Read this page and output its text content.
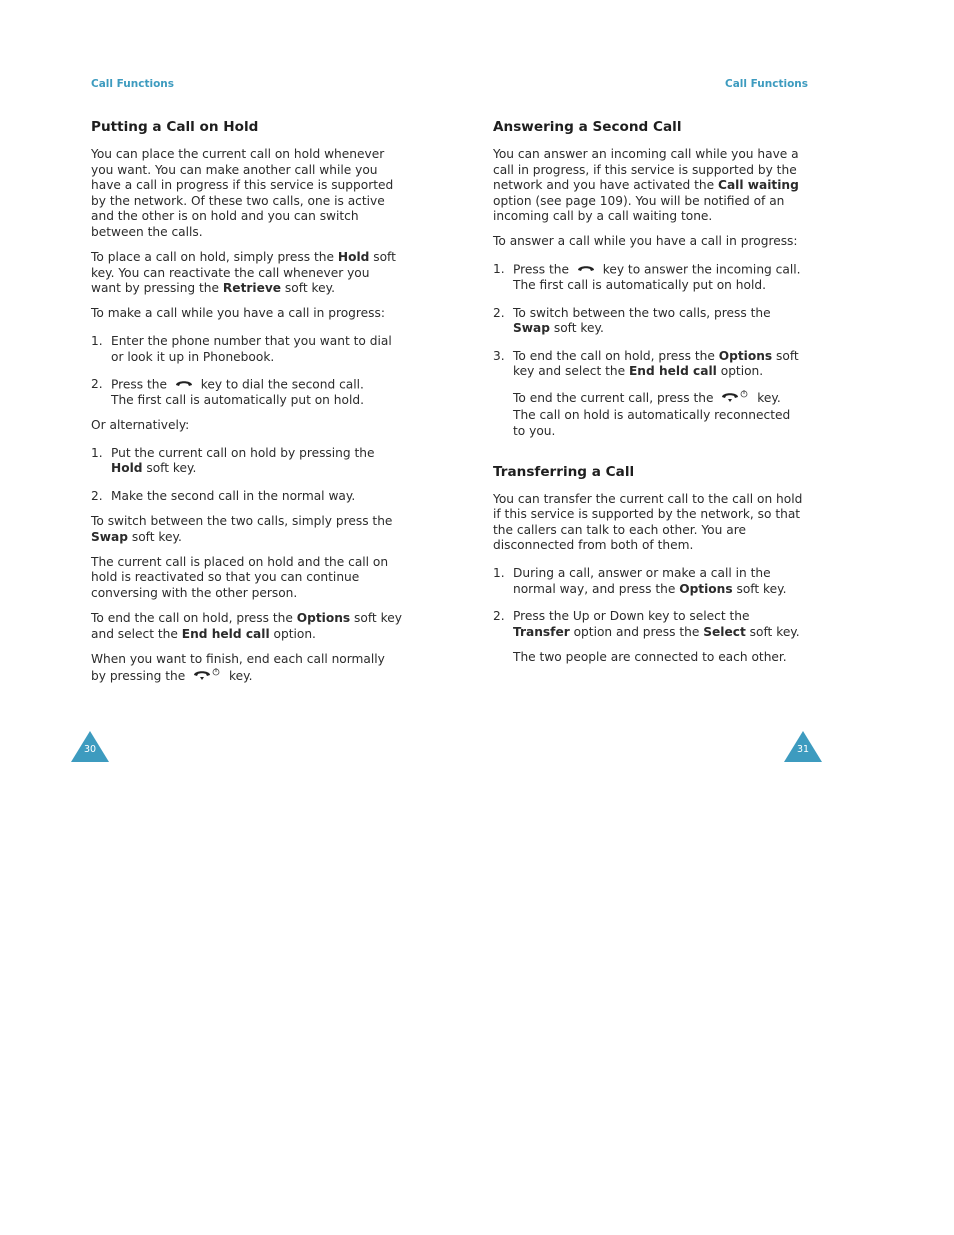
Call Functions	Call Functions
Putting a Call on Hold

You can place the current call on hold whenever you want. You can make another call while you have a call in progress if this service is supported by the network. Of these two calls, one is active and the other is on hold and you can switch between the calls.

To place a call on hold, simply press the Hold soft key. You can reactivate the call whenever you want by pressing the Retrieve soft key.

To make a call while you have a call in progress:

1. Enter the phone number that you want to dial or look it up in Phonebook.
2. Press the  key to dial the second call.
The first call is automatically put on hold.

Or alternatively:

1. Put the current call on hold by pressing the Hold soft key.
2. Make the second call in the normal way.

To switch between the two calls, simply press the Swap soft key.

The current call is placed on hold and the call on hold is reactivated so that you can continue conversing with the other person.

To end the call on hold, press the Options soft key and select the End held call option.

When you want to finish, end each call normally by pressing the	key.

Answering a Second Call

You can answer an incoming call while you have a call in progress, if this service is supported by the network and you have activated the Call waiting option (see page 109). You will be notified of an incoming call by a call waiting tone.

To answer a call while you have a call in progress:

1. Press the  key to answer the incoming call.
The first call is automatically put on hold.
2. To switch between the two calls, press the Swap soft key.
3. To end the call on hold, press the Options soft key and select the End held call option.

To end the current call, press the	key. The call on hold is automatically reconnected to you.

Transferring a Call

You can transfer the current call to the call on hold if this service is supported by the network, so that the callers can talk to each other. You are disconnected from both of them.

1. During a call, answer or make a call in the normal way, and press the Options soft key.
2. Press the Up or Down key to select the Transfer option and press the Select soft key.

The two people are connected to each other.

30	31
